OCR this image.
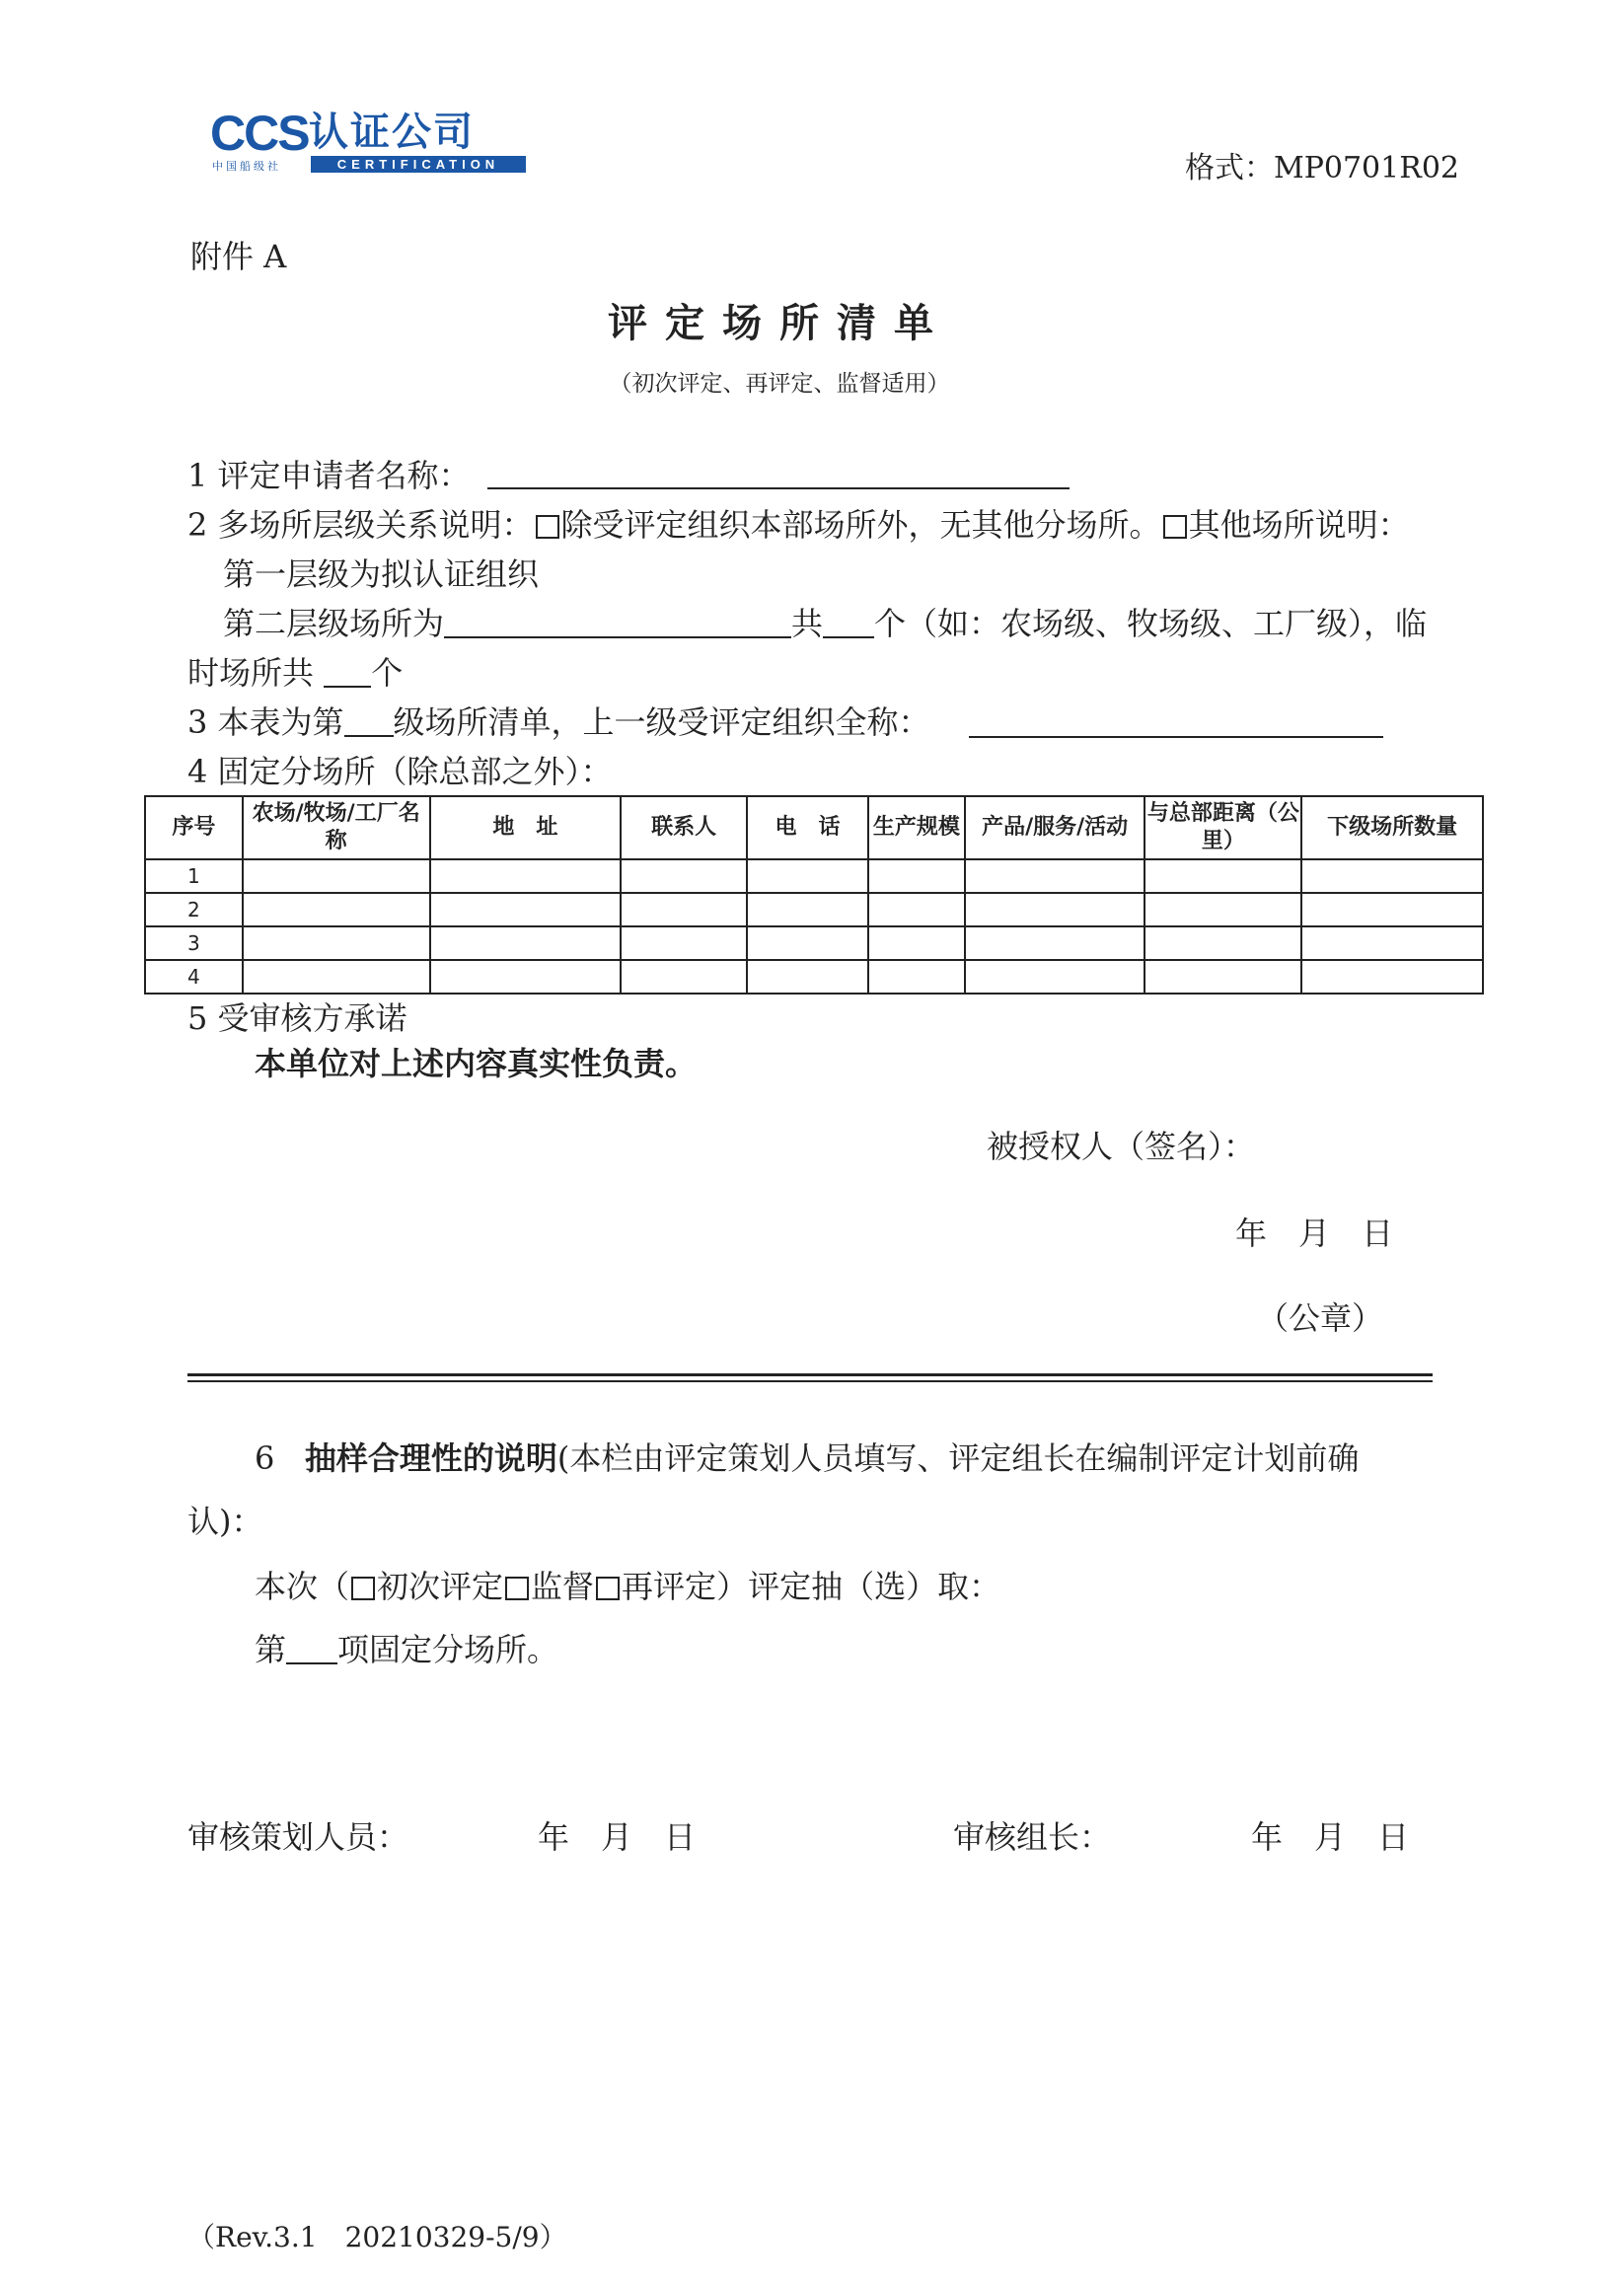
CCS 认证公司
中国船级社	CERTIFICATION	格式：MP0701R02
附件 A
评定场所清单
（初次评定、再评定、监督适用）
1 评定申请者名称：
2 多场所层级关系说明： 除受评定组织本部场所外，无其他分场所。 其他场所说明：
第一层级为拟认证组织
第二层级场所为	共 个（如：农场级、牧场级、工厂级），临
时场所共 个
3 本表为第 级场所清单，上一级受评定组织全称：
4 固定分场所（除总部之外）：
序号	农场/牧场/工厂名称	地　址	联系人	电　话	生产规模	产品/服务/活动	与总部距离（公里）	下级场所数量
1								
2								
3								
4								
5 受审核方承诺
本单位对上述内容真实性负责。
被授权人（签名）：
年　月　日
（公章）
6 抽样合理性的说明(本栏由评定策划人员填写、评定组长在编制评定计划前确
认)：
本次（ 初次评定 监督 再评定）评定抽（选）取：
第 项固定分场所。
审核策划人员：	年　月　日	审核组长：	年　月　日
（Rev.3.1　20210329-5/9）
